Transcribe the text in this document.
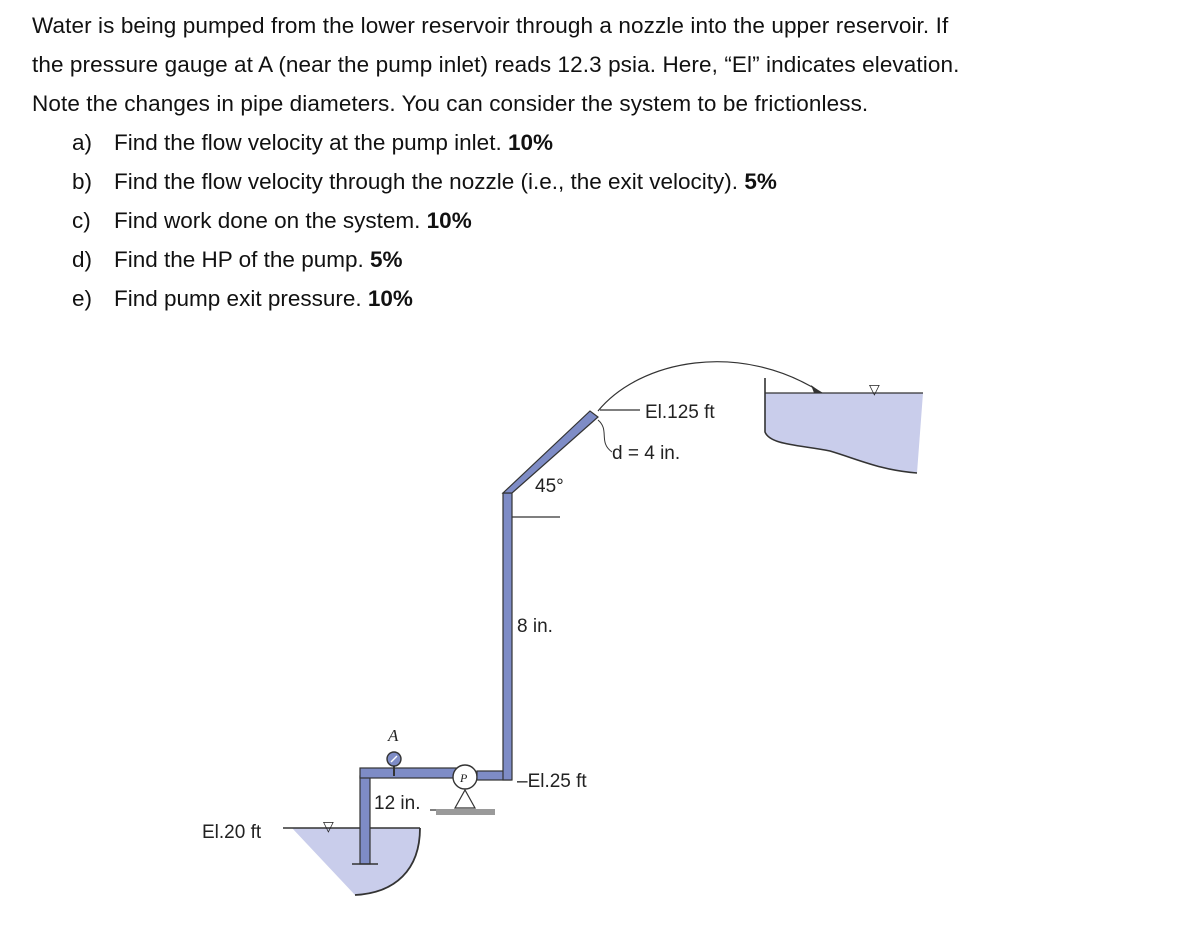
Water is being pumped from the lower reservoir through a nozzle into the upper reservoir. If

the pressure gauge at A (near the pump inlet) reads 12.3 psia. Here, “El” indicates elevation.

Note the changes in pipe diameters. You can consider the system to be frictionless.

a) Find the flow velocity at the pump inlet.
10%
b) Find the flow velocity through the nozzle (i.e., the exit velocity).
5%
c)	Find work done on the system.
10%
d) Find the HP of the pump.
5%
e) Find pump exit pressure.
10%
El.20 ft	▽
12 in.
A
P
45°
8 in.
–El.25 ft
El.125 ft
d = 4 in.
▽
